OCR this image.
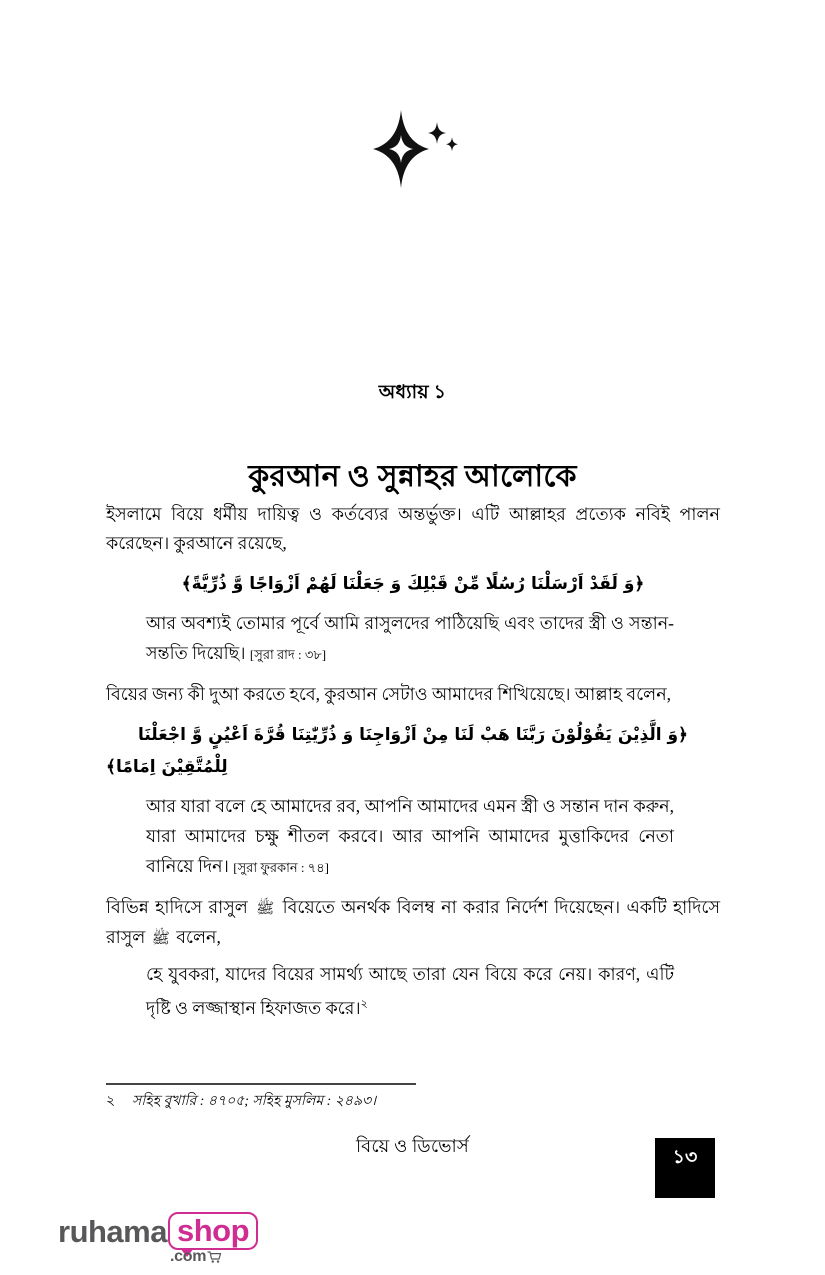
অধ্যায় ১
কুরআন ও সুন্নাহর আলোকে

ইসলামে বিয়ে ধর্মীয় দায়িত্ব ও কর্তব্যের অন্তর্ভুক্ত। এটি আল্লাহর প্রত্যেক নবিই পালন করেছেন। কুরআনে রয়েছে,

﴿وَ لَقَدْ اَرْسَلْنَا رُسُلًا مِّنْ قَبْلِكَ وَ جَعَلْنَا لَهُمْ اَزْوَاجًا وَّ ذُرِّيَّةً﴾

আর অবশ্যই তোমার পূর্বে আমি রাসুলদের পাঠিয়েছি এবং তাদের স্ত্রী ও সন্তান-সন্ততি দিয়েছি। [সুরা রাদ : ৩৮]

বিয়ের জন্য কী দুআ করতে হবে, কুরআন সেটাও আমাদের শিখিয়েছে। আল্লাহ বলেন,

﴿وَ الَّذِيْنَ يَقُوْلُوْنَ رَبَّنَا هَبْ لَنَا مِنْ اَزْوَاجِنَا وَ ذُرِّيّٰتِنَا قُرَّةَ اَعْيُنٍ وَّ اجْعَلْنَا
لِلْمُتَّقِيْنَ اِمَامًا﴾

আর যারা বলে হে আমাদের রব, আপনি আমাদের এমন স্ত্রী ও সন্তান দান করুন, যারা আমাদের চক্ষু শীতল করবে। আর আপনি আমাদের মুত্তাকিদের নেতা বানিয়ে দিন। [সুরা ফুরকান : ৭৪]

বিভিন্ন হাদিসে রাসুল ﷺ বিয়েতে অনর্থক বিলম্ব না করার নির্দেশ দিয়েছেন। একটি হাদিসে রাসুল ﷺ বলেন,

হে যুবকরা, যাদের বিয়ের সামর্থ্য আছে তারা যেন বিয়ে করে নেয়। কারণ, এটি দৃষ্টি ও লজ্জাস্থান হিফাজত করে।$^২$

২ সহিহ বুখারি : ৪৭০৫; সহিহ মুসলিম : ২৪৯৩।
বিয়ে ও ডিভোর্স
১৩
ruhama shop
.com
